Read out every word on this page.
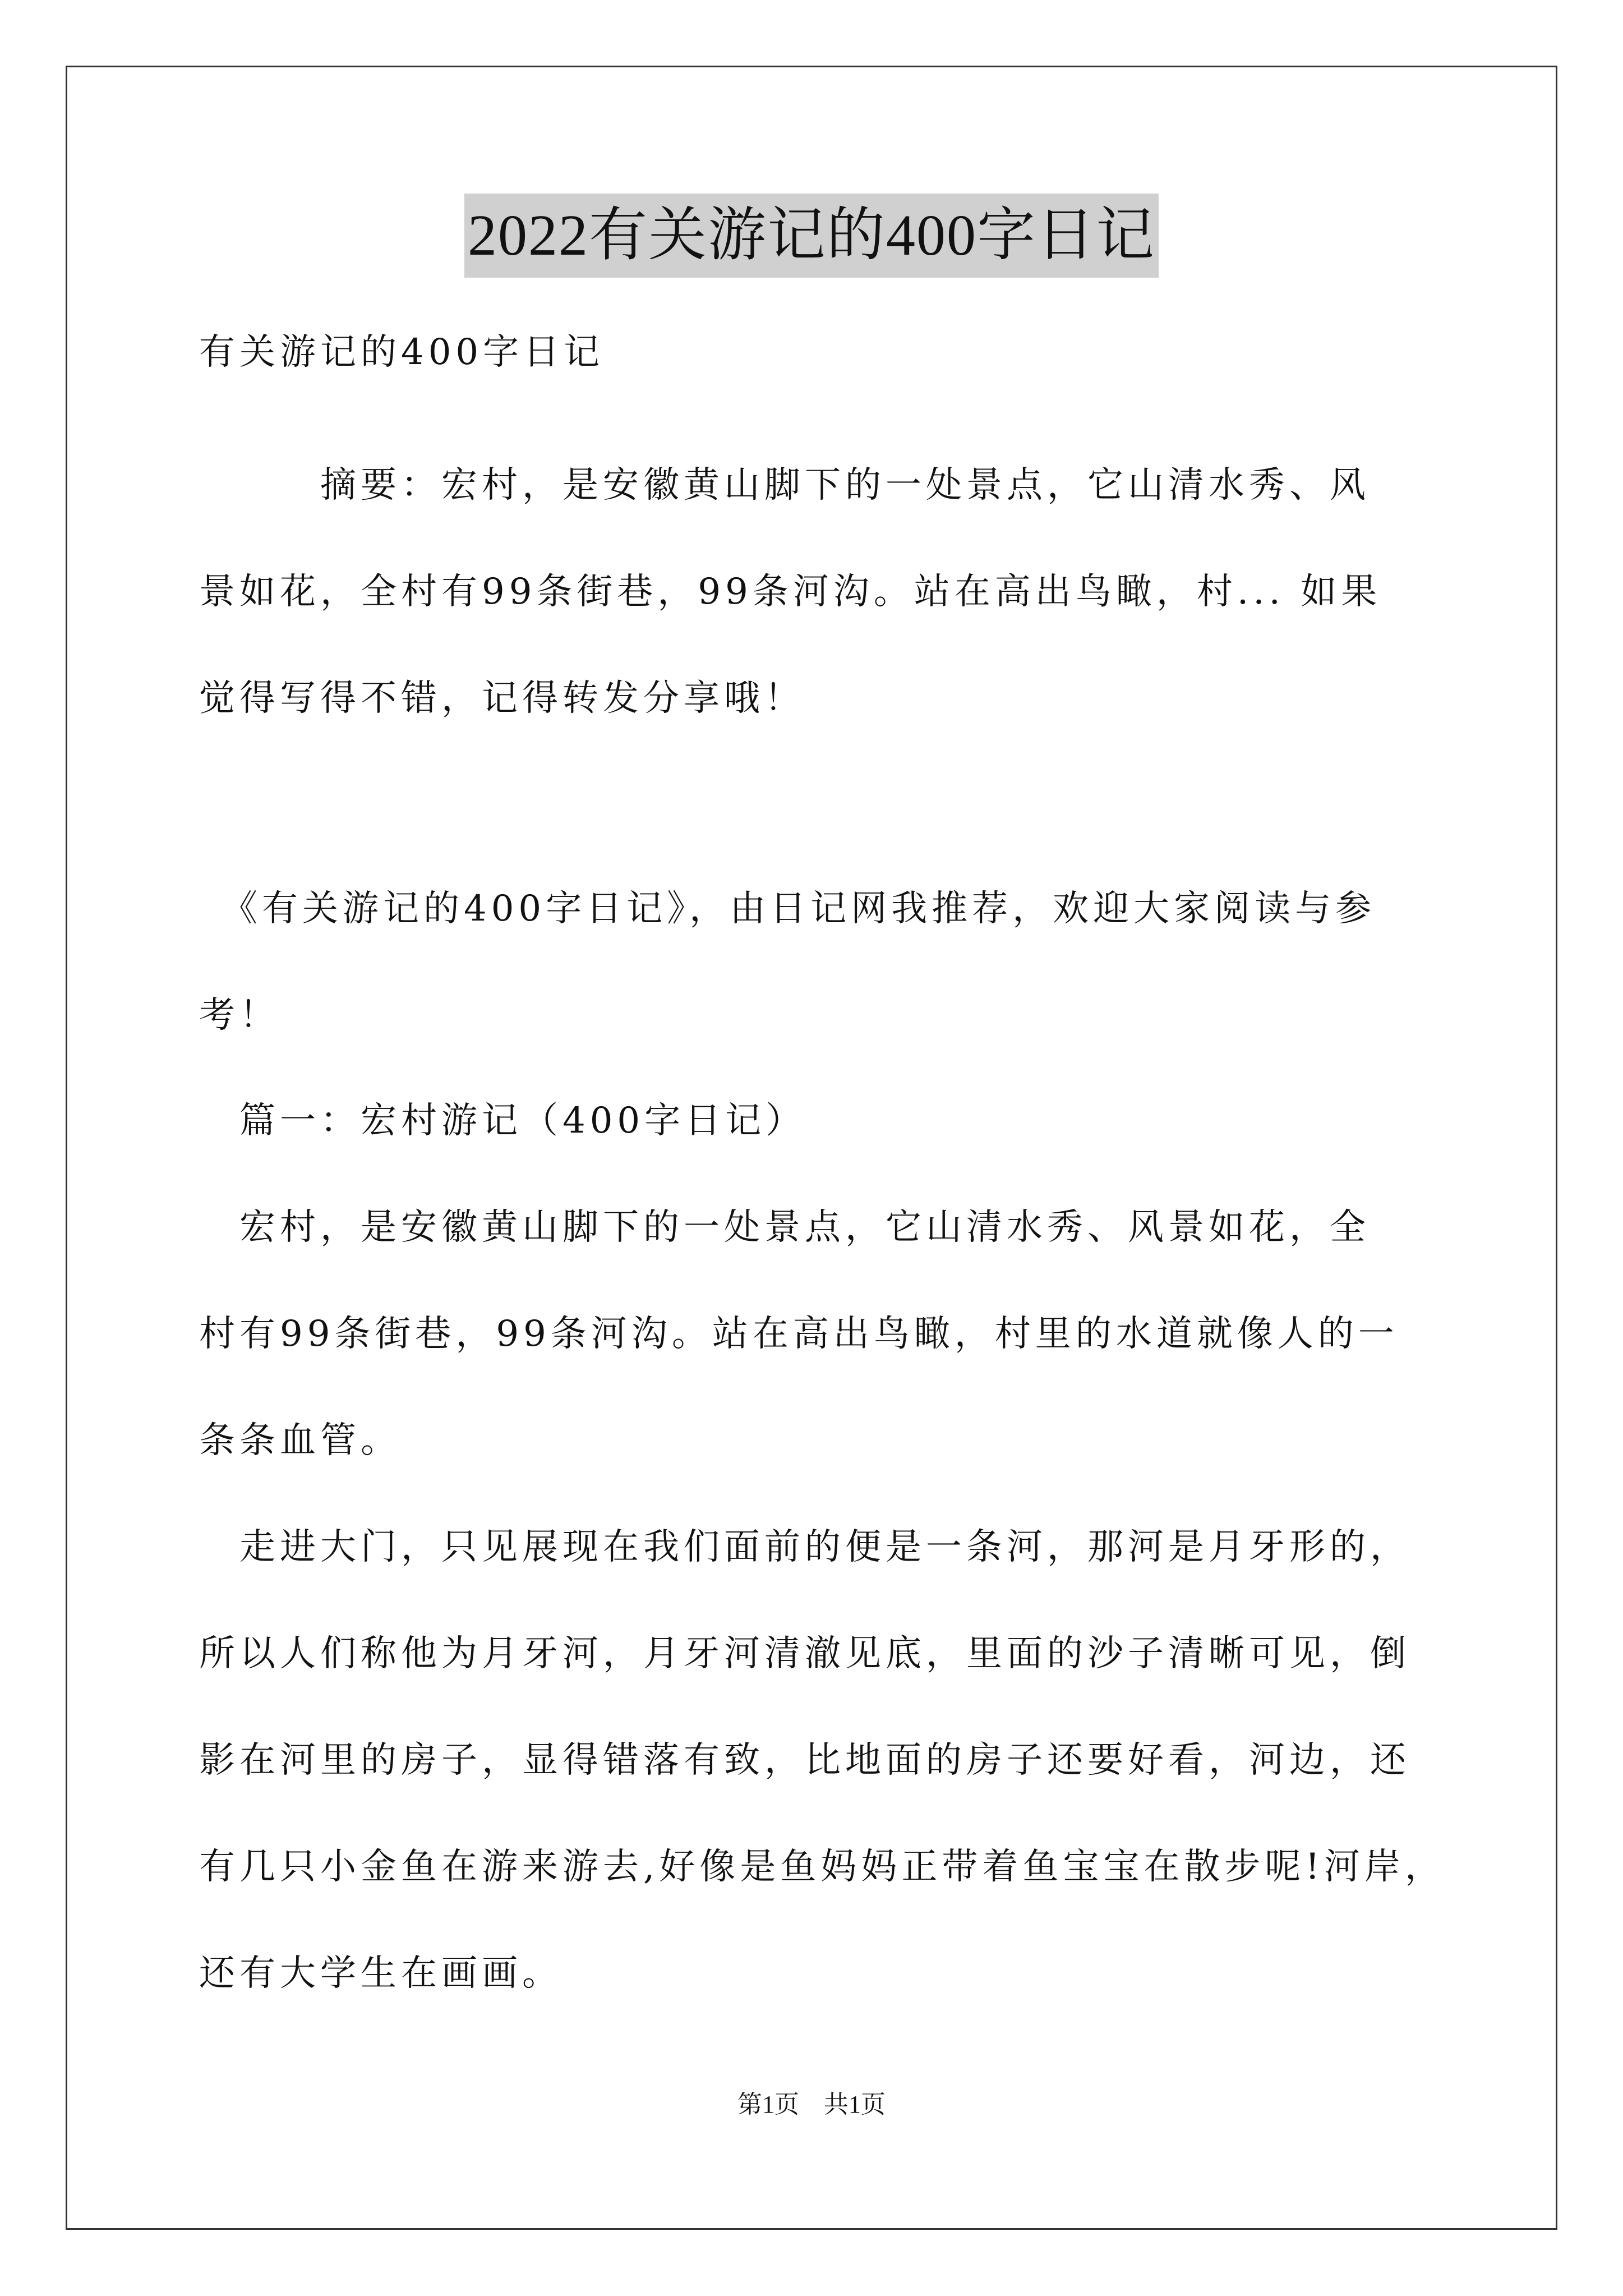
2022有关游记的400字日记
有关游记的400字日记
　　　摘要：宏村，是安徽黄山脚下的一处景点，它山清水秀、风
景如花，全村有99条街巷，99条河沟。站在高出鸟瞰，村... 如果
觉得写得不错，记得转发分享哦！
　《有关游记的400字日记》，由日记网我推荐，欢迎大家阅读与参
考！
　篇一：宏村游记（400字日记）
　宏村，是安徽黄山脚下的一处景点，它山清水秀、风景如花，全
村有99条街巷，99条河沟。站在高出鸟瞰，村里的水道就像人的一
条条血管。
　走进大门，只见展现在我们面前的便是一条河，那河是月牙形的，
所以人们称他为月牙河，月牙河清澈见底，里面的沙子清晰可见，倒
影在河里的房子，显得错落有致，比地面的房子还要好看，河边，还
有几只小金鱼在游来游去,好像是鱼妈妈正带着鱼宝宝在散步呢!河岸，
还有大学生在画画。
第1页　共1页
